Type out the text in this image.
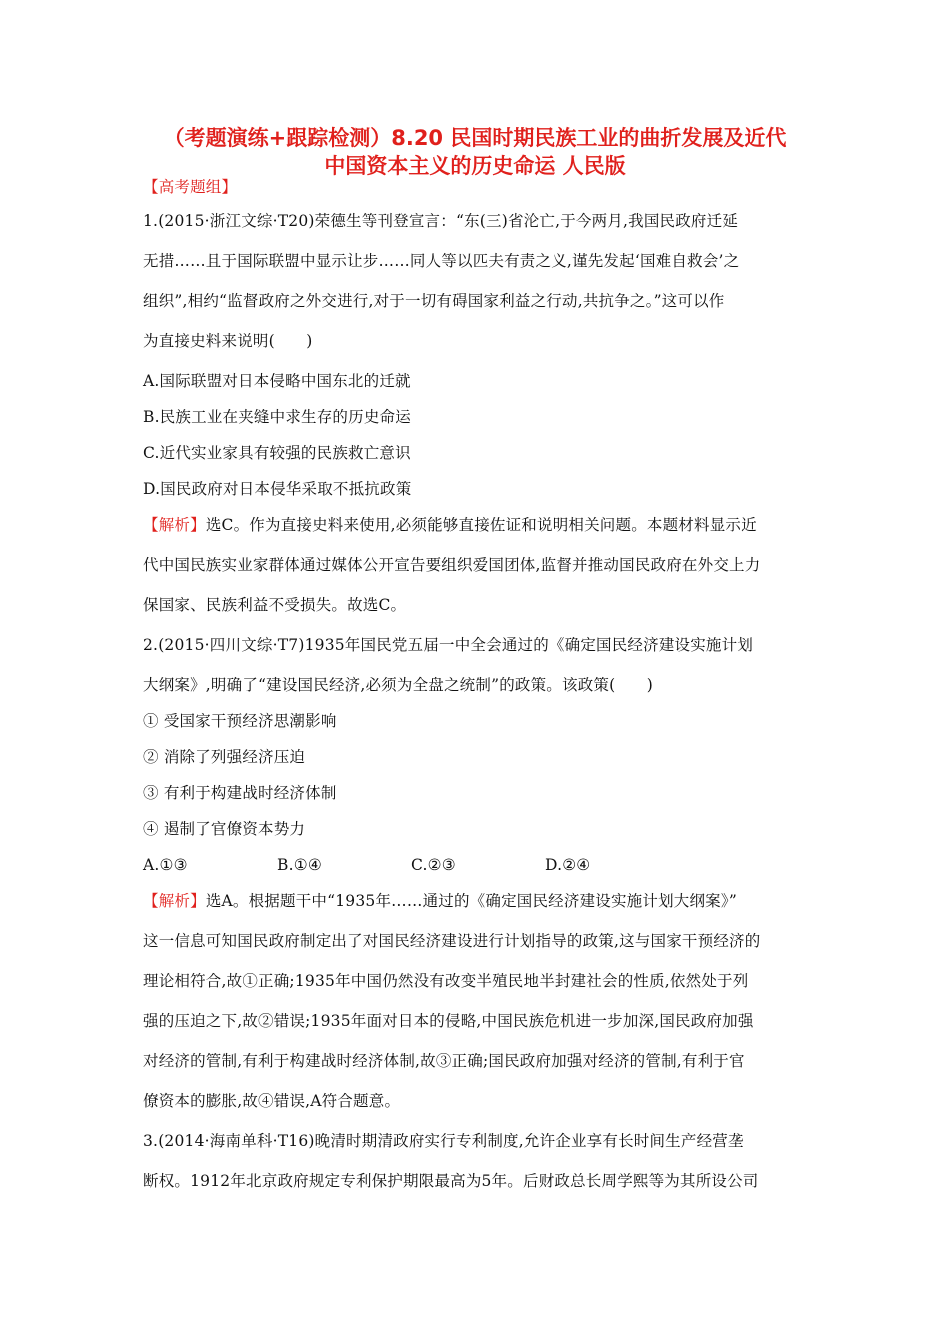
（考题演练+跟踪检测）8.20 民国时期民族工业的曲折发展及近代
中国资本主义的历史命运 人民版
【高考题组】
1.(2015·浙江文综·T20)荣德生等刊登宣言：“东(三)省沦亡,于今两月,我国民政府迁延
无措……且于国际联盟中显示让步……同人等以匹夫有责之义,谨先发起‘国难自救会’之
组织”,相约“监督政府之外交进行,对于一切有碍国家利益之行动,共抗争之。”这可以作
为直接史料来说明(　　)
A.国际联盟对日本侵略中国东北的迁就
B.民族工业在夹缝中求生存的历史命运
C.近代实业家具有较强的民族救亡意识
D.国民政府对日本侵华采取不抵抗政策
【解析】选C。作为直接史料来使用,必须能够直接佐证和说明相关问题。本题材料显示近
代中国民族实业家群体通过媒体公开宣告要组织爱国团体,监督并推动国民政府在外交上力
保国家、民族利益不受损失。故选C。
2.(2015·四川文综·T7)1935年国民党五届一中全会通过的《确定国民经济建设实施计划
大纲案》,明确了“建设国民经济,必须为全盘之统制”的政策。该政策(　　)
① 受国家干预经济思潮影响
② 消除了列强经济压迫
③ 有利于构建战时经济体制
④ 遏制了官僚资本势力
A.①③	B.①④	C.②③	D.②④
【解析】选A。根据题干中“1935年……通过的《确定国民经济建设实施计划大纲案》”
这一信息可知国民政府制定出了对国民经济建设进行计划指导的政策,这与国家干预经济的
理论相符合,故①正确;1935年中国仍然没有改变半殖民地半封建社会的性质,依然处于列
强的压迫之下,故②错误;1935年面对日本的侵略,中国民族危机进一步加深,国民政府加强
对经济的管制,有利于构建战时经济体制,故③正确;国民政府加强对经济的管制,有利于官
僚资本的膨胀,故④错误,A符合题意。
3.(2014·海南单科·T16)晚清时期清政府实行专利制度,允许企业享有长时间生产经营垄
断权。1912年北京政府规定专利保护期限最高为5年。后财政总长周学熙等为其所设公司
